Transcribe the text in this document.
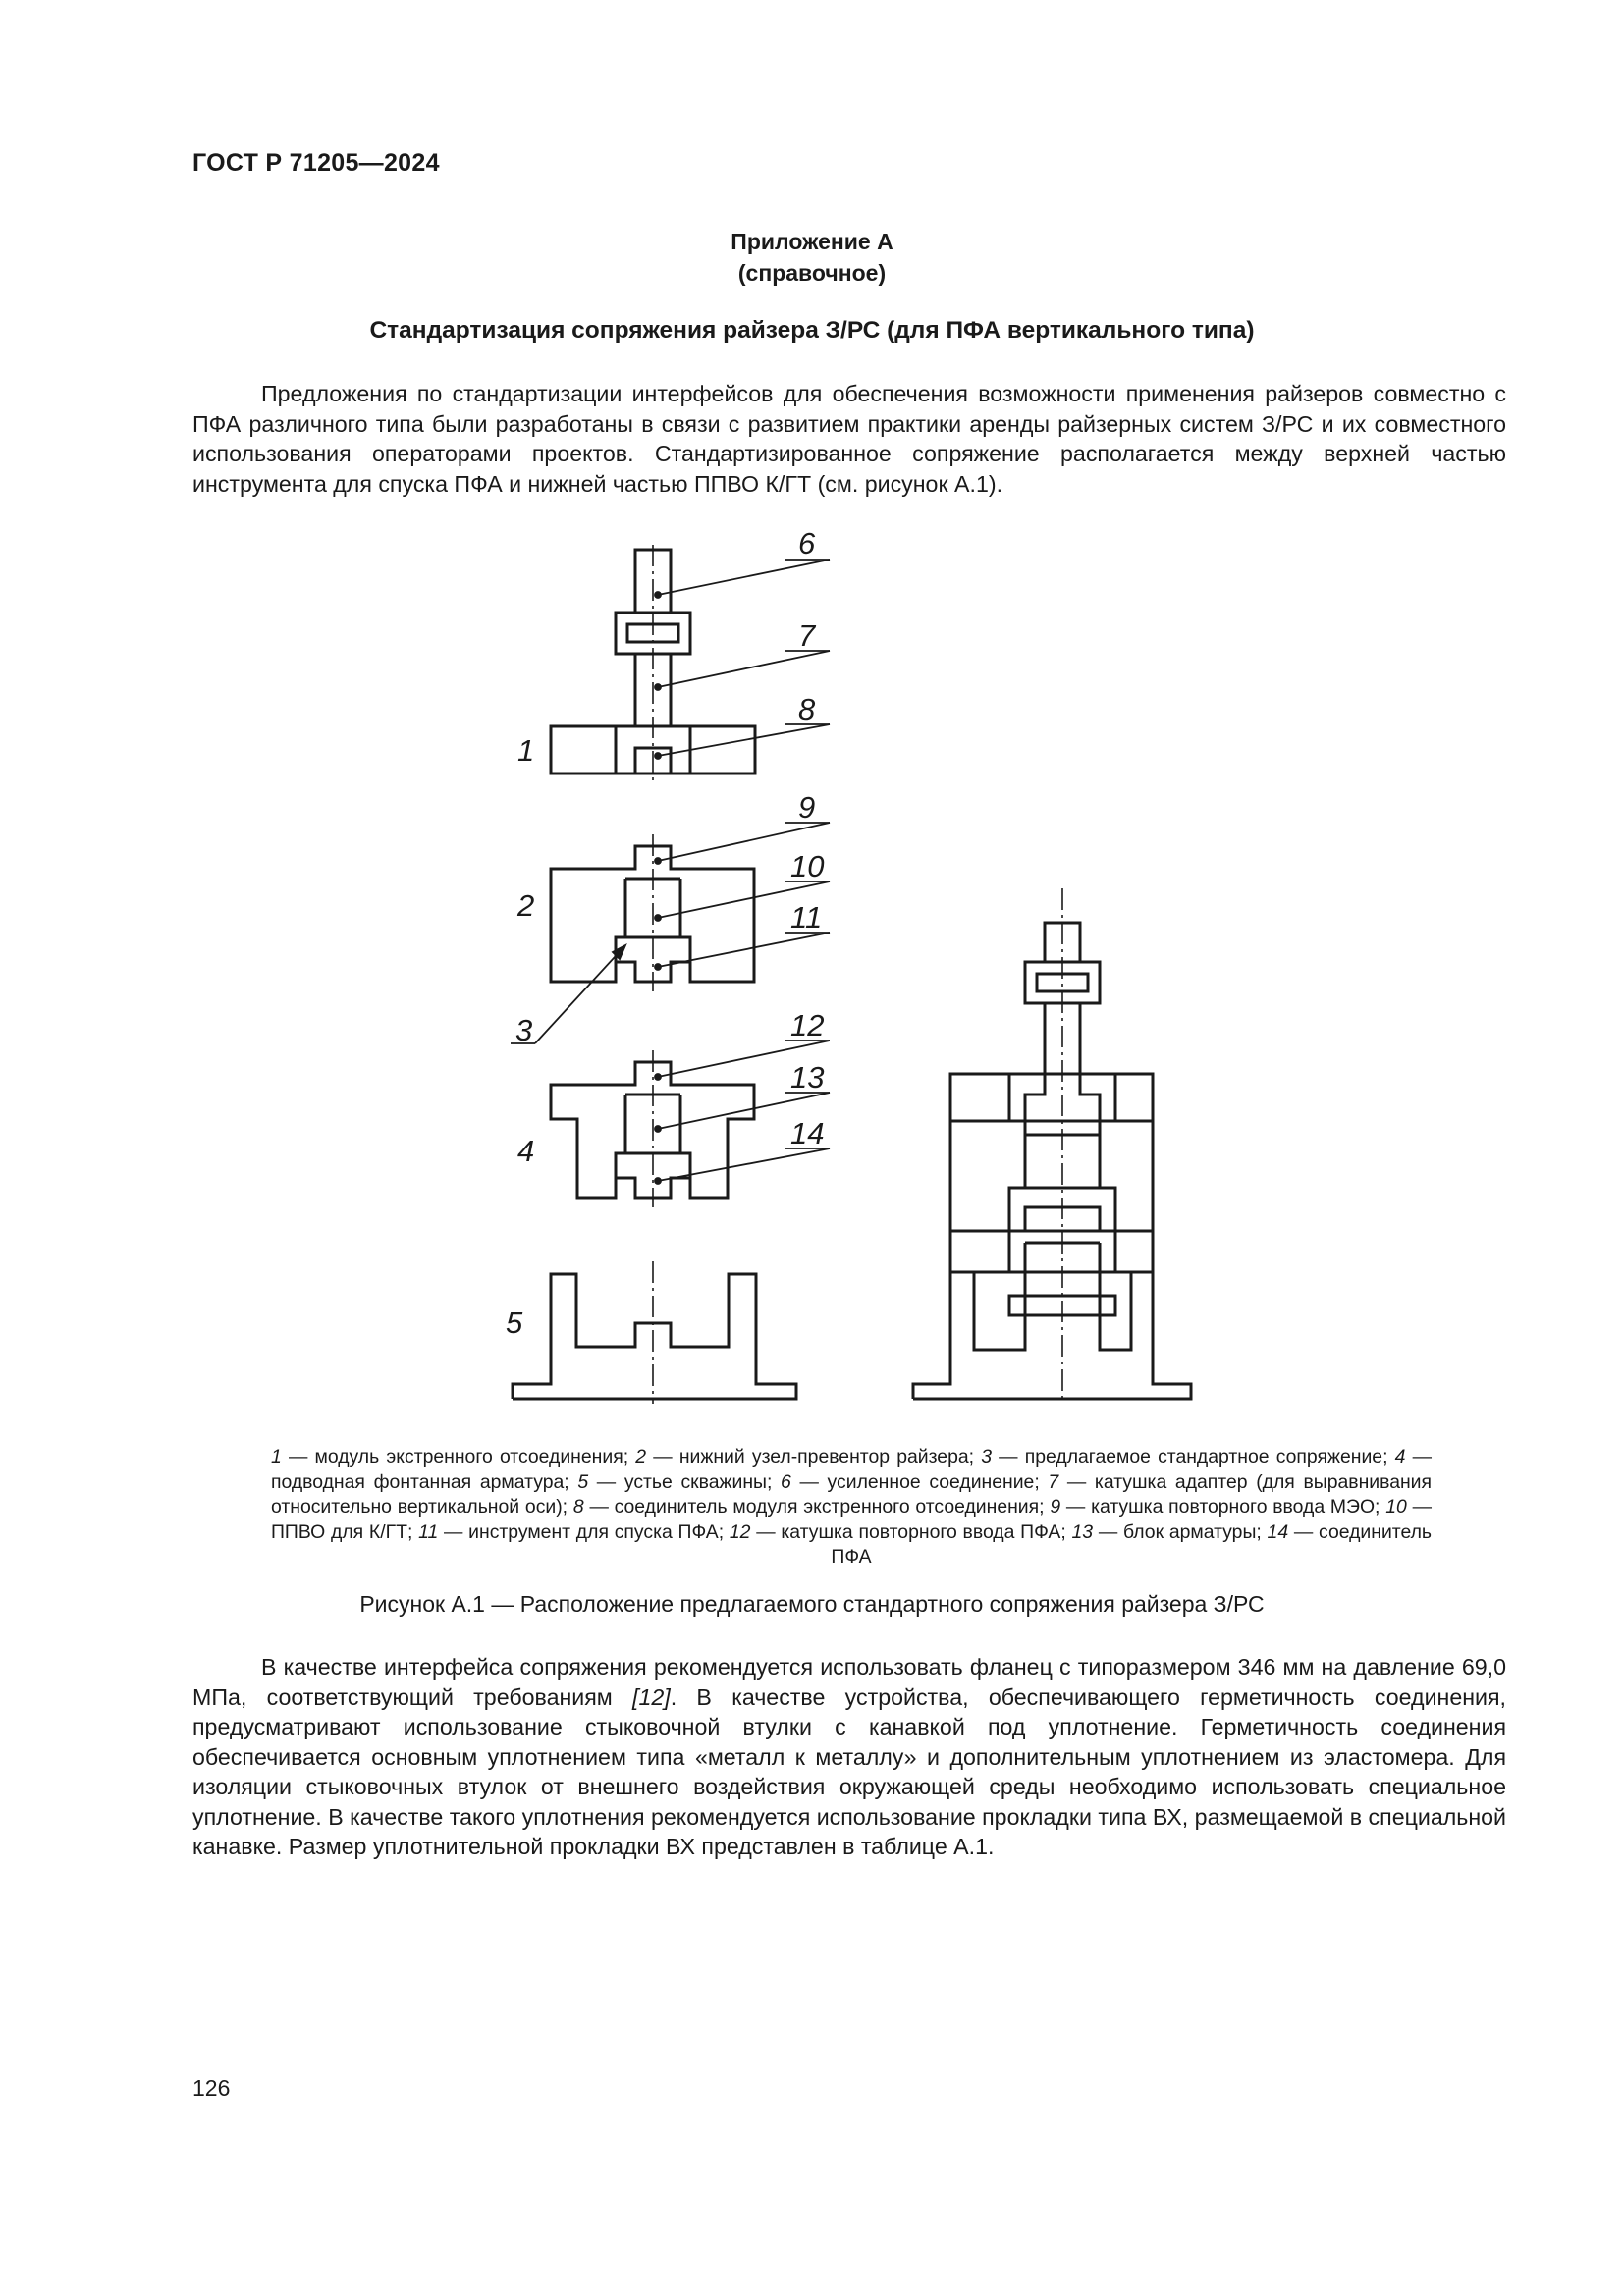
ГОСТ Р 71205—2024
Приложение А
(справочное)
Стандартизация сопряжения райзера З/РС (для ПФА вертикального типа)
Предложения по стандартизации интерфейсов для обеспечения возможности применения райзеров совместно с ПФА различного типа были разработаны в связи с развитием практики аренды райзерных систем З/РС и их совместного использования операторами проектов. Стандартизированное сопряжение располагается между верхней частью инструмента для спуска ПФА и нижней частью ППВО К/ГТ (см. рисунок А.1).
1
2
3
4
5
6
7
8
9
10
11
12
13
14
1 — модуль экстренного отсоединения; 2 — нижний узел-превентор райзера; 3 — предлагаемое стандартное сопряжение; 4 — подводная фонтанная арматура; 5 — устье скважины; 6 — усиленное соединение; 7 — катушка адаптер (для выравнивания относительно вертикальной оси); 8 — соединитель модуля экстренного отсоединения; 9 — катушка повторного ввода МЭО; 10 — ППВО для К/ГТ; 11 — инструмент для спуска ПФА; 12 — катушка повторного ввода ПФА; 13 — блок арматуры; 14 — соединитель ПФА
Рисунок А.1 — Расположение предлагаемого стандартного сопряжения райзера З/РС
В качестве интерфейса сопряжения рекомендуется использовать фланец с типоразмером 346 мм на давление 69,0 МПа, соответствующий требованиям [12]. В качестве устройства, обеспечивающего герметичность соединения, предусматривают использование стыковочной втулки с канавкой под уплотнение. Герметичность соединения обеспечивается основным уплотнением типа «металл к металлу» и дополнительным уплотнением из эластомера. Для изоляции стыковочных втулок от внешнего воздействия окружающей среды необходимо использовать специальное уплотнение. В качестве такого уплотнения рекомендуется использование прокладки типа ВХ, размещаемой в специальной канавке. Размер уплотнительной прокладки ВХ представлен в таблице А.1.
126
